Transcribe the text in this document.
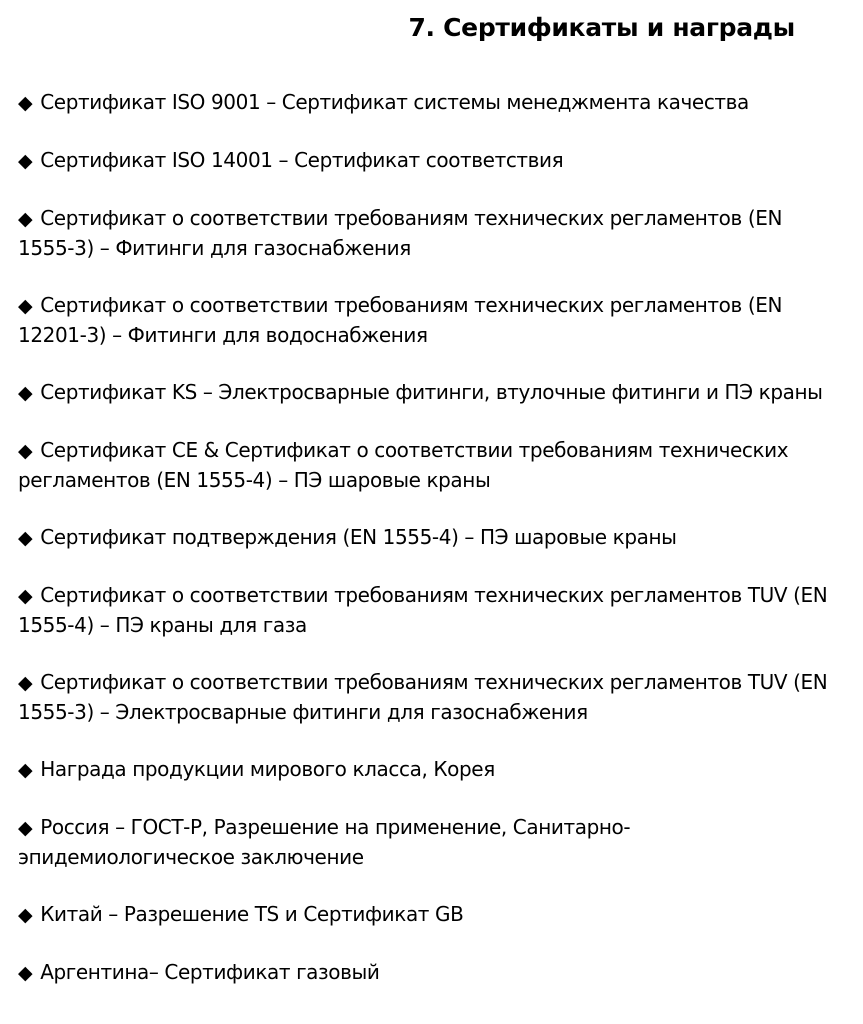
7. Сертификаты и награды
◆ Сертификат ISO 9001 – Сертификат системы менеджмента качества
◆ Сертификат ISO 14001 – Сертификат соответствия
◆ Сертификат о соответствии требованиям технических регламентов (EN 1555-3) – Фитинги для газоснабжения
◆ Сертификат о соответствии требованиям технических регламентов (EN 12201-3) – Фитинги для водоснабжения
◆ Сертификат KS – Электросварные фитинги, втулочные фитинги и ПЭ краны
◆ Сертификат CE & Сертификат о соответствии требованиям технических регламентов (EN 1555-4) – ПЭ шаровые краны
◆ Сертификат подтверждения (EN 1555-4) – ПЭ шаровые краны
◆ Сертификат о соответствии требованиям технических регламентов TUV (EN 1555-4) – ПЭ краны для газа
◆ Сертификат о соответствии требованиям технических регламентов TUV (EN 1555-3) – Электросварные фитинги для газоснабжения
◆ Награда продукции мирового класса, Корея
◆ Россия – ГОСТ-Р, Разрешение на применение, Санитарно-эпидемиологическое заключение
◆ Китай – Разрешение TS и Сертификат GB
◆ Аргентина– Сертификат газовый
